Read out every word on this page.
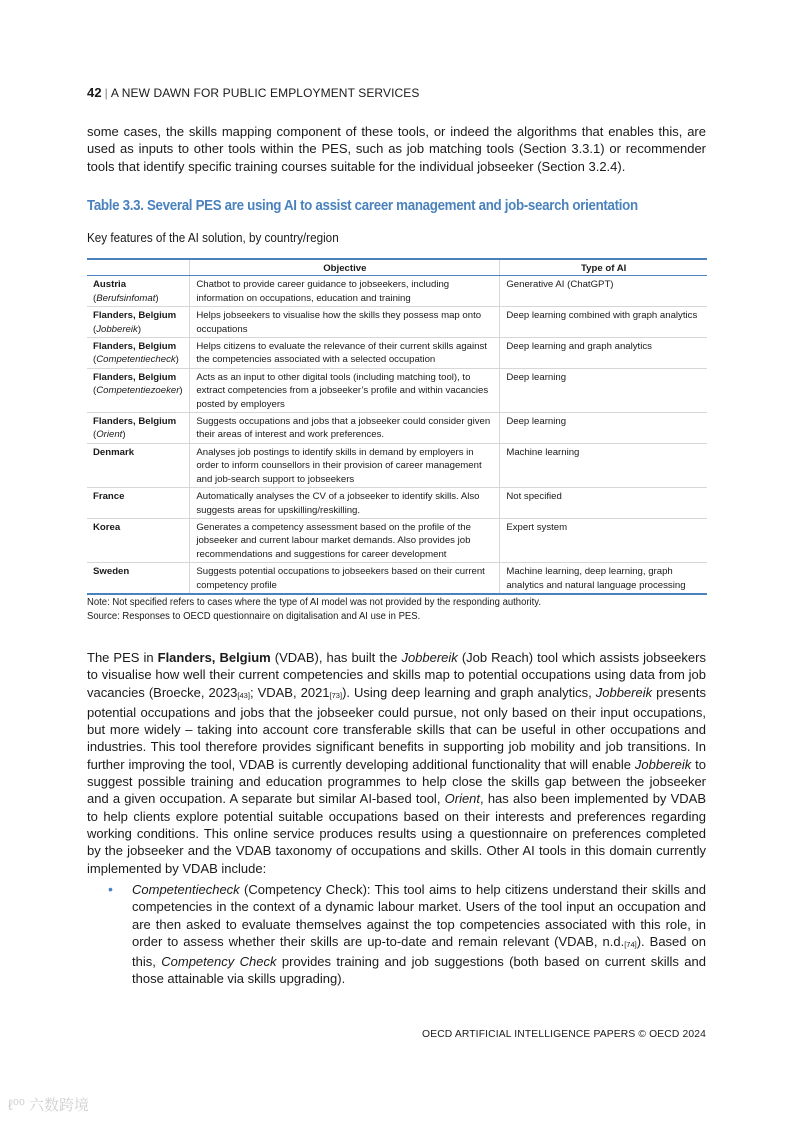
42 | A NEW DAWN FOR PUBLIC EMPLOYMENT SERVICES
some cases, the skills mapping component of these tools, or indeed the algorithms that enables this, are used as inputs to other tools within the PES, such as job matching tools (Section 3.3.1) or recommender tools that identify specific training courses suitable for the individual jobseeker (Section 3.2.4).
Table 3.3. Several PES are using AI to assist career management and job-search orientation
Key features of the AI solution, by country/region
	Objective	Type of AI

Austria
(Berufsinfomat)	Chatbot to provide career guidance to jobseekers, including information on occupations, education and training	Generative AI (ChatGPT)

Flanders, Belgium
(Jobbereik)	Helps jobseekers to visualise how the skills they possess map onto occupations	Deep learning combined with graph analytics

Flanders, Belgium
(Competentiecheck)	Helps citizens to evaluate the relevance of their current skills against the competencies associated with a selected occupation	Deep learning and graph analytics

Flanders, Belgium
(Competentiezoeker)	Acts as an input to other digital tools (including matching tool), to extract competencies from a jobseeker’s profile and within vacancies posted by employers	Deep learning

Flanders, Belgium
(Orient)	Suggests occupations and jobs that a jobseeker could consider given their areas of interest and work preferences.	Deep learning

Denmark	Analyses job postings to identify skills in demand by employers in order to inform counsellors in their provision of career management and job-search support to jobseekers	Machine learning

France	Automatically analyses the CV of a jobseeker to identify skills. Also suggests areas for upskilling/reskilling.	Not specified

Korea	Generates a competency assessment based on the profile of the jobseeker and current labour market demands. Also provides job recommendations and suggestions for career development	Expert system

Sweden	Suggests potential occupations to jobseekers based on their current competency profile	Machine learning, deep learning, graph analytics and natural language processing
Note: Not specified refers to cases where the type of AI model was not provided by the responding authority.
Source: Responses to OECD questionnaire on digitalisation and AI use in PES.
The PES in Flanders, Belgium (VDAB), has built the Jobbereik (Job Reach) tool which assists jobseekers to visualise how well their current competencies and skills map to potential occupations using data from job vacancies (Broecke, 2023[43]; VDAB, 2021[73]). Using deep learning and graph analytics, Jobbereik presents potential occupations and jobs that the jobseeker could pursue, not only based on their input occupations, but more widely – taking into account core transferable skills that can be useful in other occupations and industries. This tool therefore provides significant benefits in supporting job mobility and job transitions. In further improving the tool, VDAB is currently developing additional functionality that will enable Jobbereik to suggest possible training and education programmes to help close the skills gap between the jobseeker and a given occupation. A separate but similar AI-based tool, Orient, has also been implemented by VDAB to help clients explore potential suitable occupations based on their interests and preferences regarding working conditions. This online service produces results using a questionnaire on preferences completed by the jobseeker and the VDAB taxonomy of occupations and skills. Other AI tools in this domain currently implemented by VDAB include:
• Competentiecheck (Competency Check): This tool aims to help citizens understand their skills and competencies in the context of a dynamic labour market. Users of the tool input an occupation and are then asked to evaluate themselves against the top competencies associated with this role, in order to assess whether their skills are up-to-date and remain relevant (VDAB, n.d.[74]). Based on this, Competency Check provides training and job suggestions (both based on current skills and those attainable via skills upgrading).
OECD ARTIFICIAL INTELLIGENCE PAPERS © OECD 2024
ℓ⁰⁰ 六数跨境
